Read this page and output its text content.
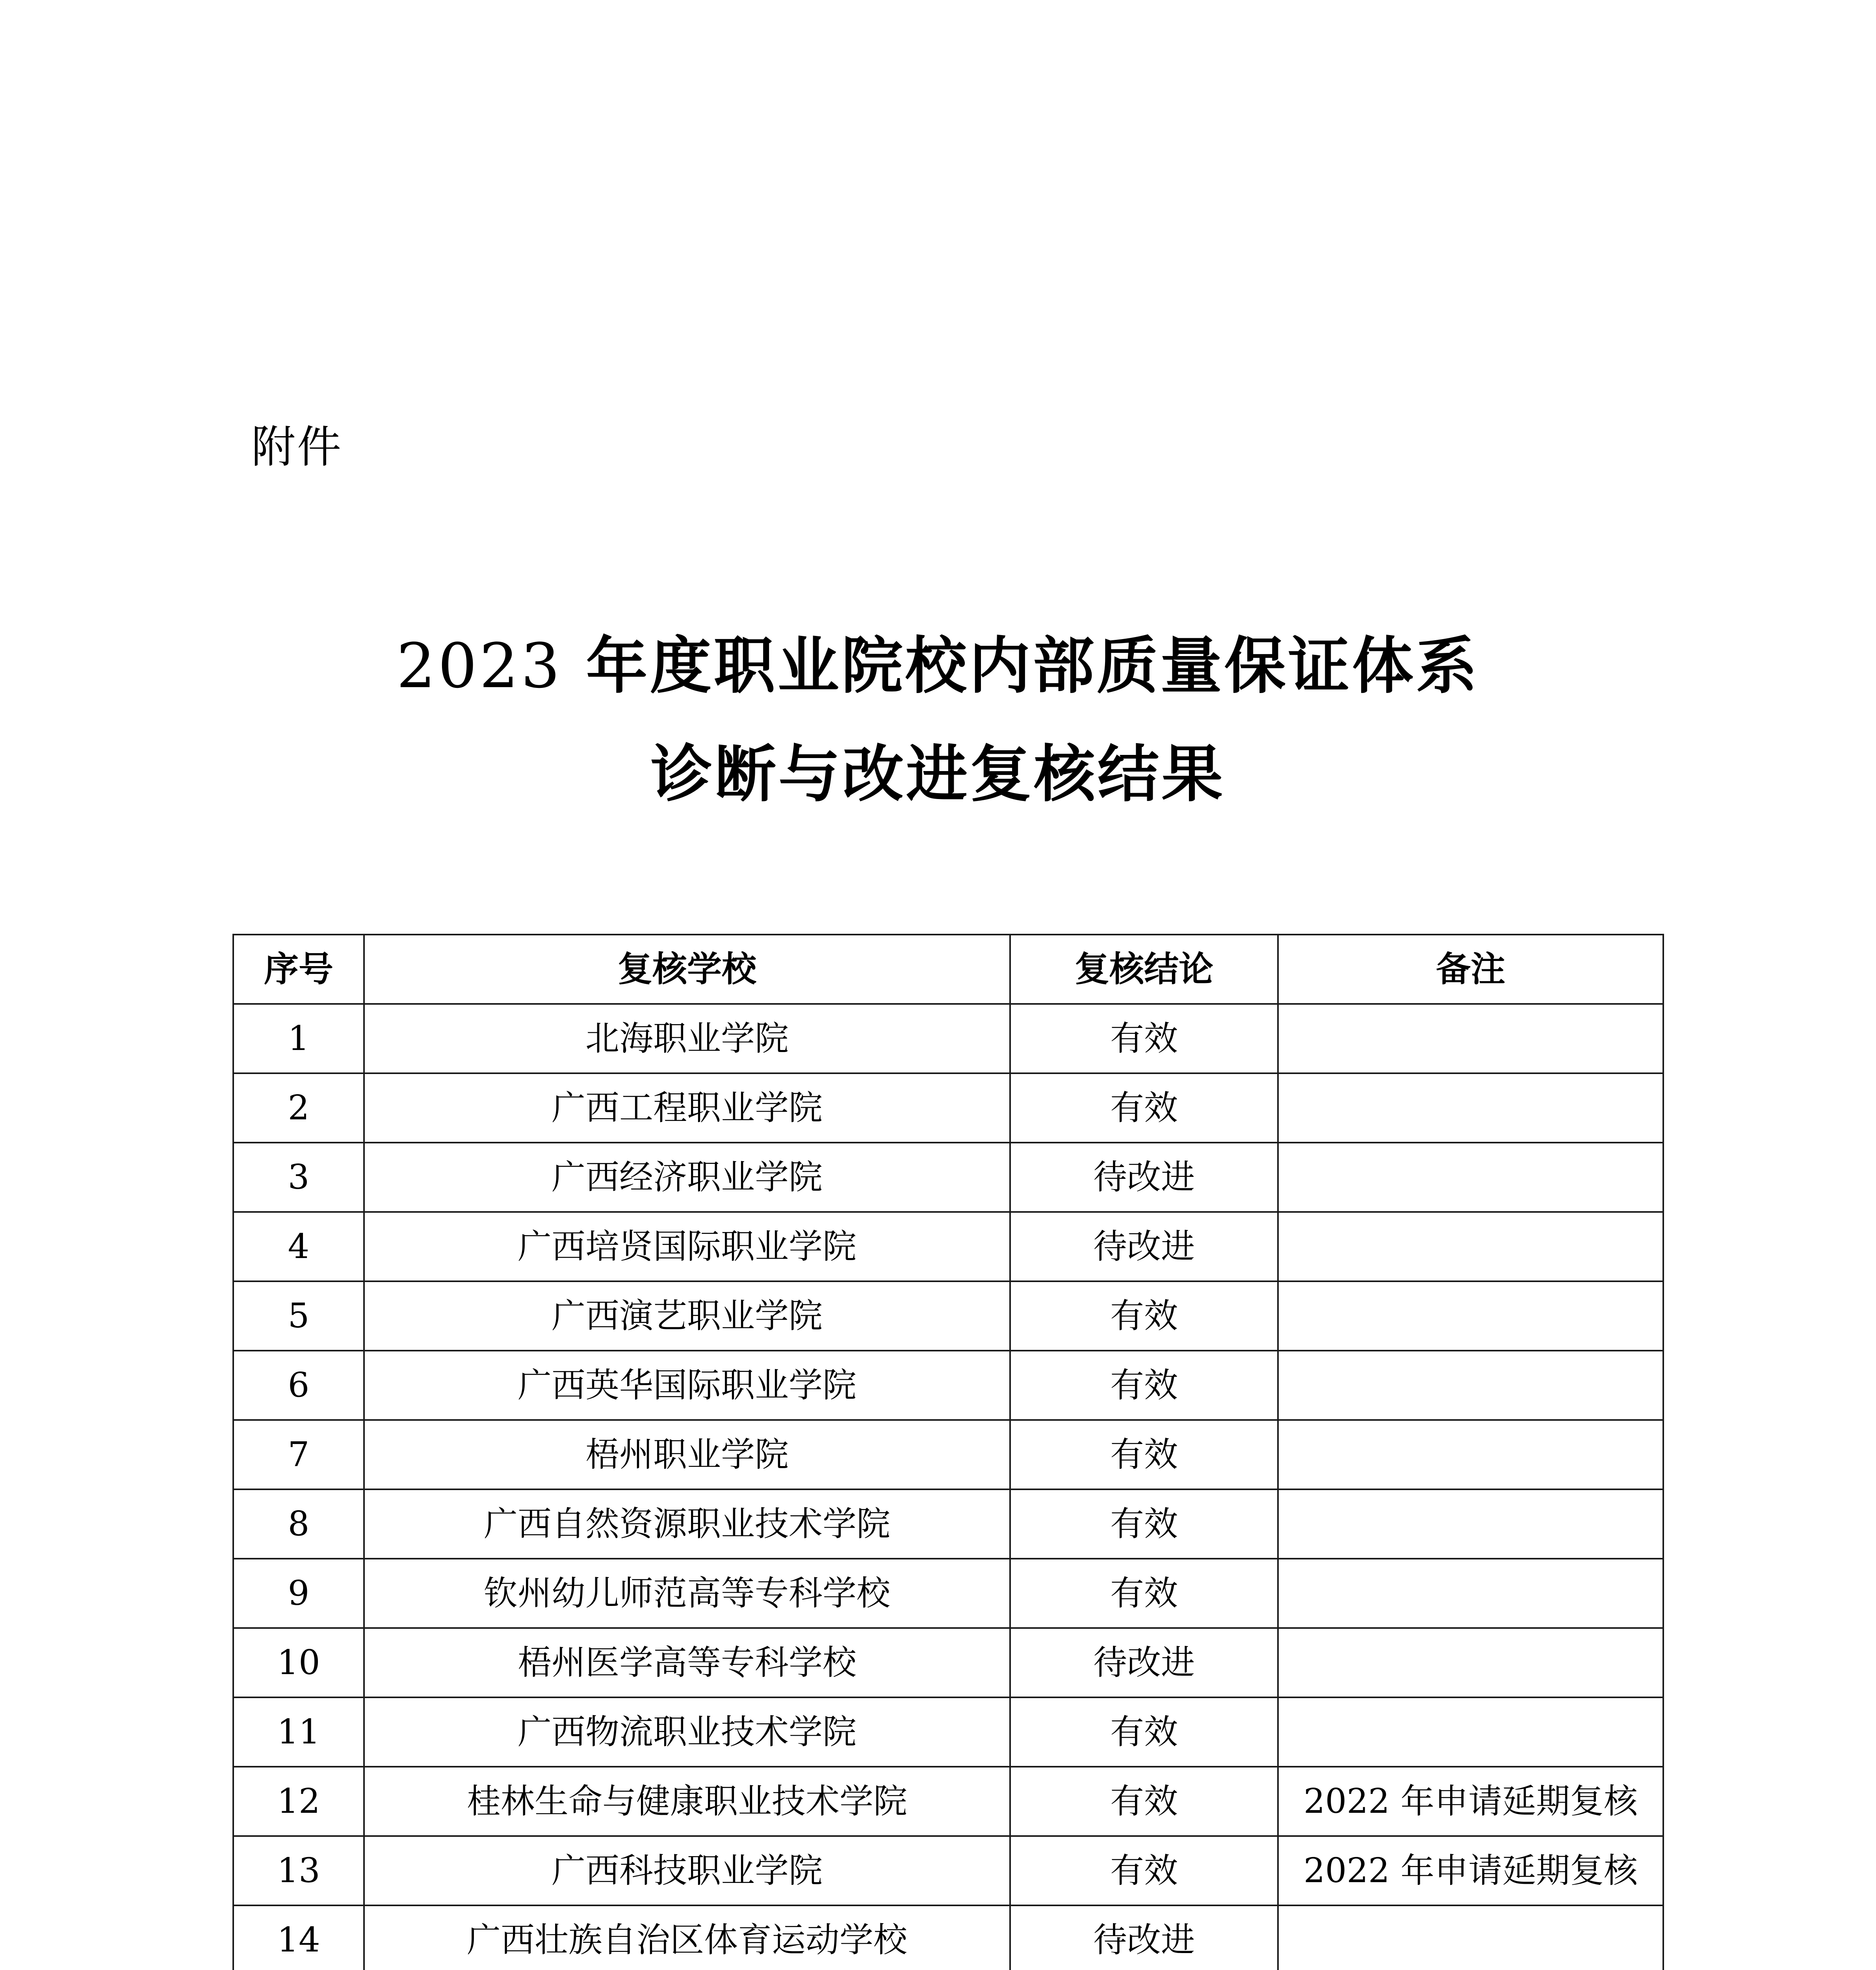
附件
2023 年度职业院校内部质量保证体系
诊断与改进复核结果
序号	复核学校	复核结论	备注
1	北海职业学院	有效	
2	广西工程职业学院	有效	
3	广西经济职业学院	待改进	
4	广西培贤国际职业学院	待改进	
5	广西演艺职业学院	有效	
6	广西英华国际职业学院	有效	
7	梧州职业学院	有效	
8	广西自然资源职业技术学院	有效	
9	钦州幼儿师范高等专科学校	有效	
10	梧州医学高等专科学校	待改进	
11	广西物流职业技术学院	有效	
12	桂林生命与健康职业技术学院	有效	2022 年申请延期复核
13	广西科技职业学院	有效	2022 年申请延期复核
14	广西壮族自治区体育运动学校	待改进	
